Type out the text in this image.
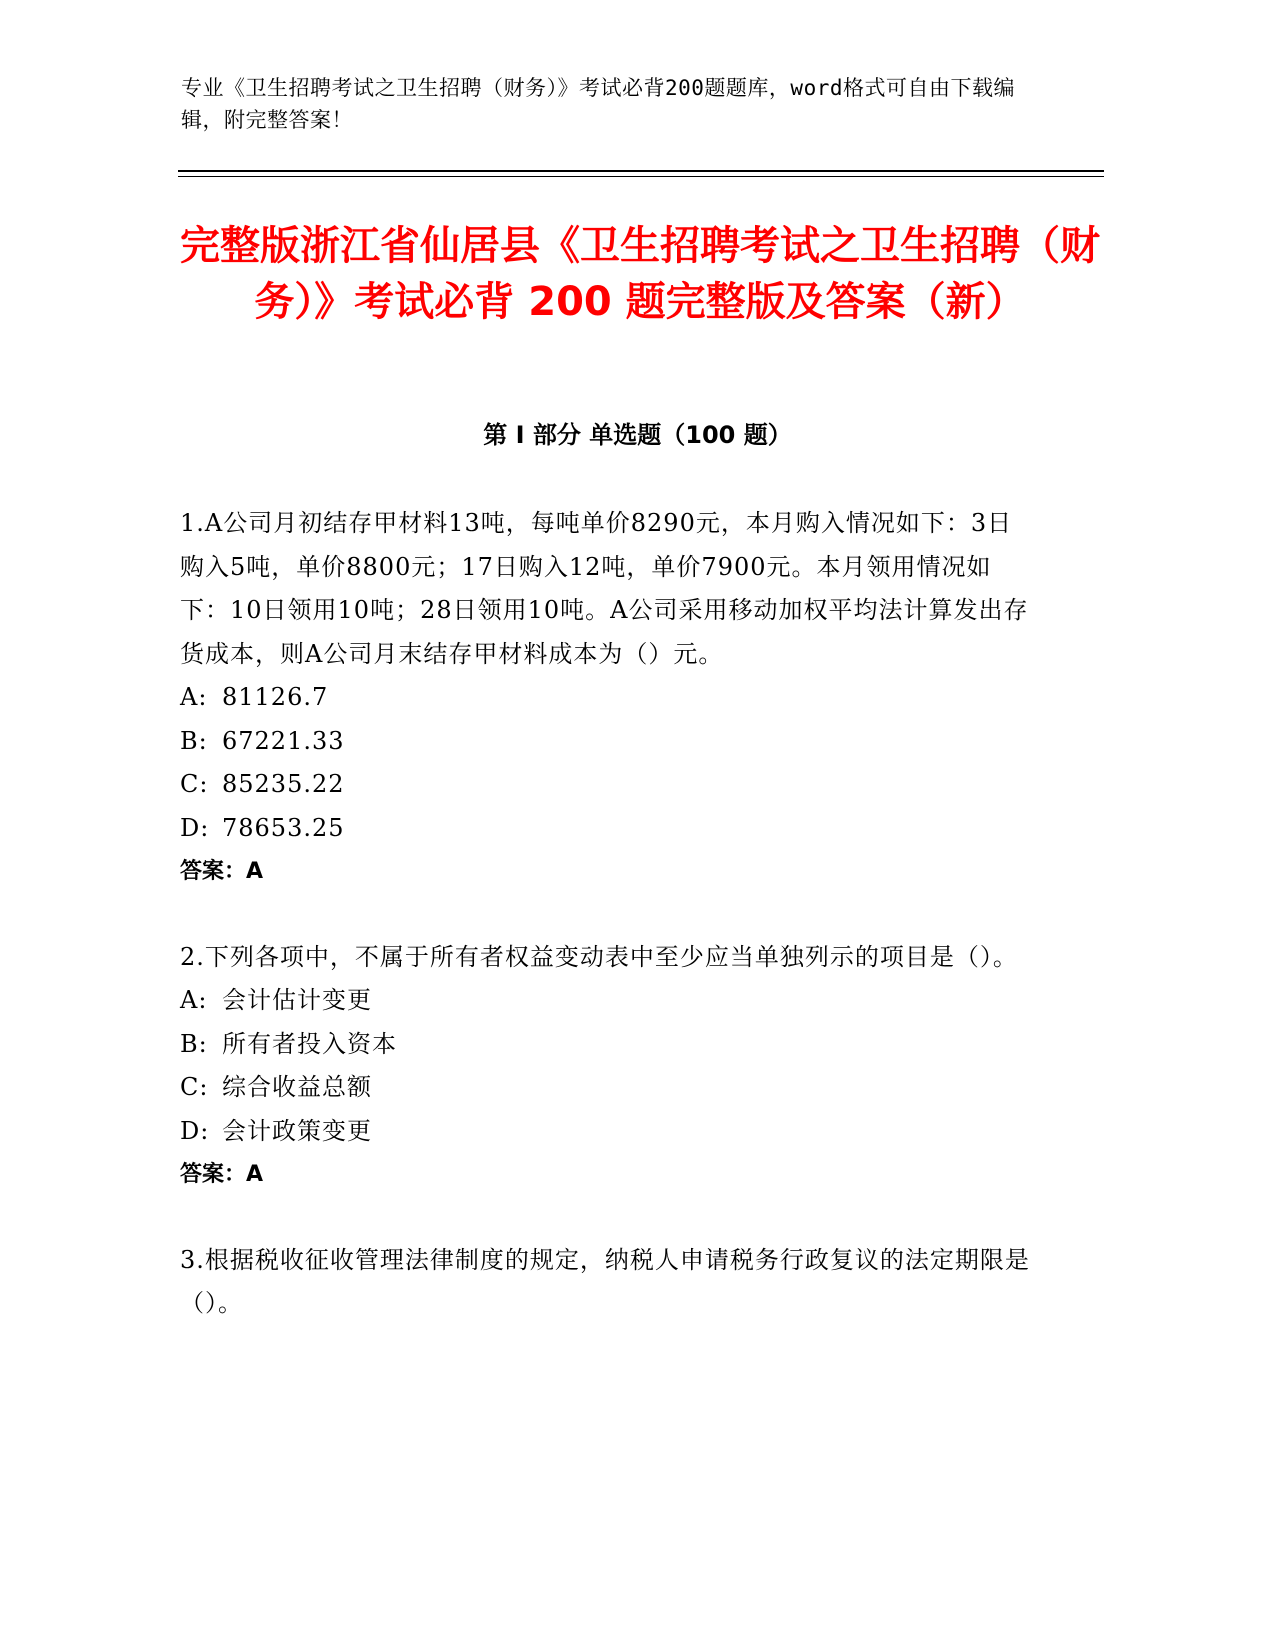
专业《卫生招聘考试之卫生招聘（财务）》考试必背200题题库，word格式可自由下载编辑，附完整答案！
完整版浙江省仙居县《卫生招聘考试之卫生招聘（财务）》考试必背 200 题完整版及答案（新）
第 I 部分 单选题（100 题）

1.A公司月初结存甲材料13吨，每吨单价8290元，本月购入情况如下：3日购入5吨，单价8800元；17日购入12吨，单价7900元。本月领用情况如下：10日领用10吨；28日领用10吨。A公司采用移动加权平均法计算发出存货成本，则A公司月末结存甲材料成本为（）元。

A: 81126.7
B: 67221.33
C: 85235.22
D: 78653.25
答案：A

2.下列各项中，不属于所有者权益变动表中至少应当单独列示的项目是（）。

A: 会计估计变更
B: 所有者投入资本
C: 综合收益总额
D: 会计政策变更
答案：A

3.根据税收征收管理法律制度的规定，纳税人申请税务行政复议的法定期限是（）。
